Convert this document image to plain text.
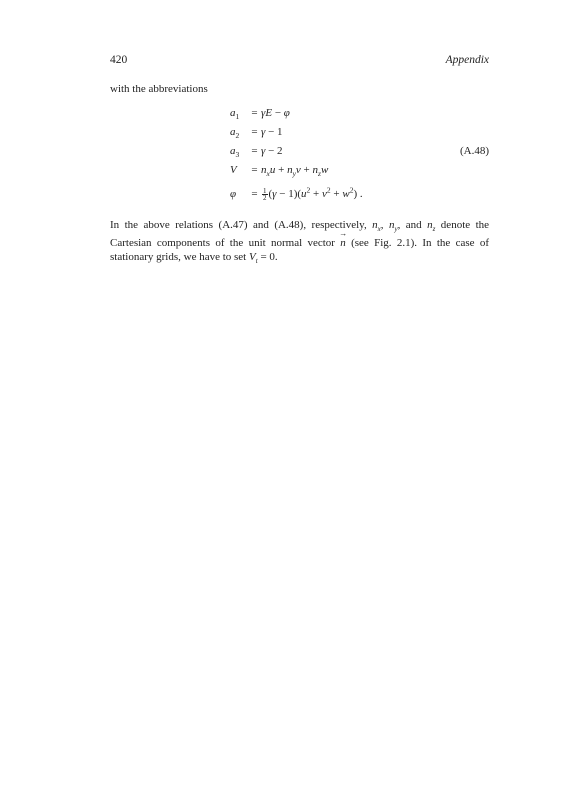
420	Appendix
with the abbreviations
$a_1 = \gamma E - \varphi$
$a_2 = \gamma - 1$
$a_3 = \gamma - 2$	(A.48)
$V = n_xu + n_yv + n_zw$
$\varphi = \frac{1}{2} (\gamma - 1)(u^2 + v^2 + w^2)$ .

In the above relations (A.47) and (A.48), respectively, $n_x$, $n_y$, and $n_z$ denote the Cartesian components of the unit normal vector → n (see Fig. 2.1). In the case of stationary grids, we have to set $V_t = 0$.
